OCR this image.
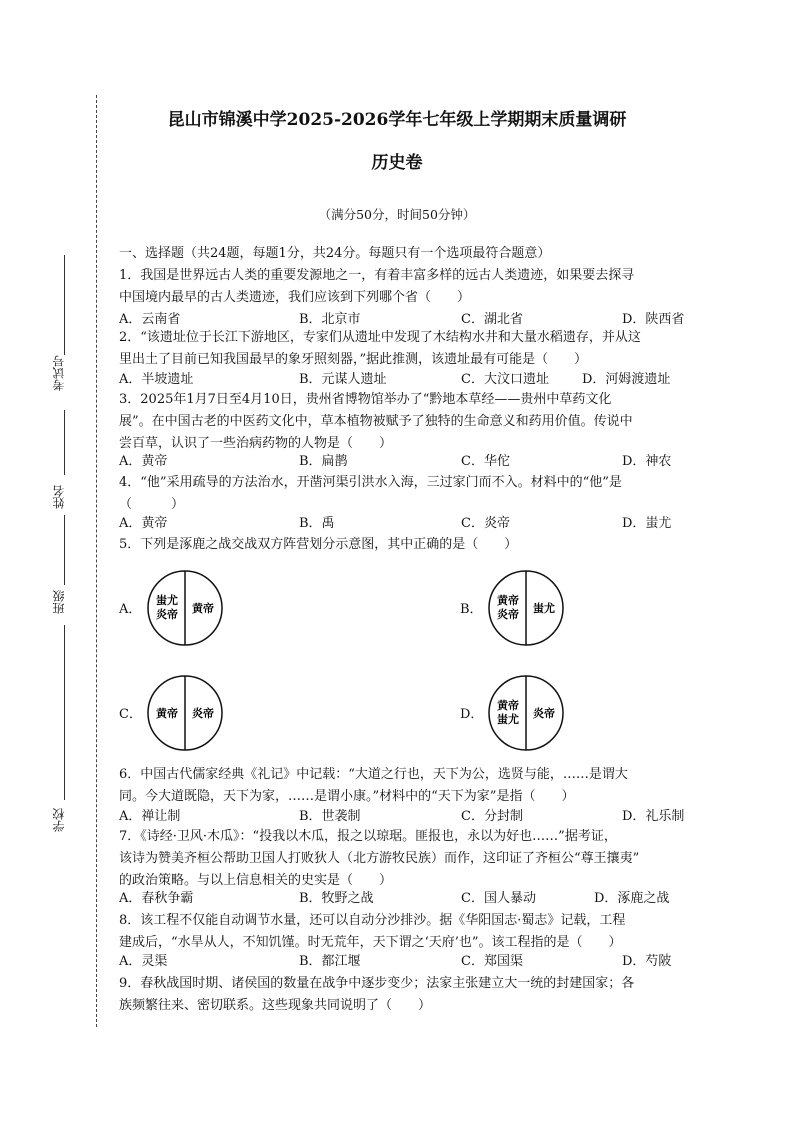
考试号
姓名
班级
学校
昆山市锦溪中学2025-2026学年七年级上学期期末质量调研
历史卷
（满分50分，时间50分钟）
一、选择题（共24题，每题1分，共24分。每题只有一个选项最符合题意）
1．我国是世界远古人类的重要发源地之一，有着丰富多样的远古人类遗迹，如果要去探寻
中国境内最早的古人类遗迹，我们应该到下列哪个省（　　）
A．云南省	B．北京市	C．湖北省	D．陕西省
2．“该遗址位于长江下游地区，专家们从遗址中发现了木结构水井和大量水稻遗存，并从这
里出土了目前已知我国最早的象牙照刻器，”据此推测，该遗址最有可能是（　　）
A．半坡遗址	B．元谋人遗址	C．大汶口遗址	D．河姆渡遗址
3．2025年1月7日至4月10日，贵州省博物馆举办了“黔地本草经——贵州中草药文化
展”。在中国古老的中医药文化中，草本植物被赋予了独特的生命意义和药用价值。传说中
尝百草，认识了一些治病药物的人物是（　　）
A．黄帝	B．扁鹊	C．华佗	D．神农
4．“他”采用疏导的方法治水，开凿河渠引洪水入海，三过家门而不入。材料中的“他”是
（　　　）
A．黄帝	B．禹	C．炎帝	D．蚩尤
5．下列是涿鹿之战交战双方阵营划分示意图，其中正确的是（　　）
A．
蚩尤
炎帝 黄帝	B．
黄帝
炎帝 蚩尤
C． 黄帝 炎帝	D．
黄帝
蚩尤 炎帝
6．中国古代儒家经典《礼记》中记载：“大道之行也，天下为公，选贤与能，……是谓大
同。今大道既隐，天下为家，……是谓小康。”材料中的“天下为家”是指（　　）
A．禅让制	B．世袭制	C．分封制	D．礼乐制
7．《诗经·卫风·木瓜》：“投我以木瓜，报之以琼琚。匪报也，永以为好也……”据考证，
该诗为赞美齐桓公帮助卫国人打败狄人（北方游牧民族）而作，这印证了齐桓公“尊王攘夷”
的政治策略。与以上信息相关的史实是（　　）
A．春秋争霸	B．牧野之战	C．国人暴动	D．涿鹿之战
8．该工程不仅能自动调节水量，还可以自动分沙排沙。据《华阳国志·蜀志》记载，工程
建成后，“水旱从人，不知饥馑。时无荒年，天下谓之‘天府’也”。该工程指的是（　　）
A．灵渠	B．都江堰	C．郑国渠	D．芍陂
9．春秋战国时期、诸侯国的数量在战争中逐步变少；法家主张建立大一统的封建国家；各
族频繁往来、密切联系。这些现象共同说明了（　　）
